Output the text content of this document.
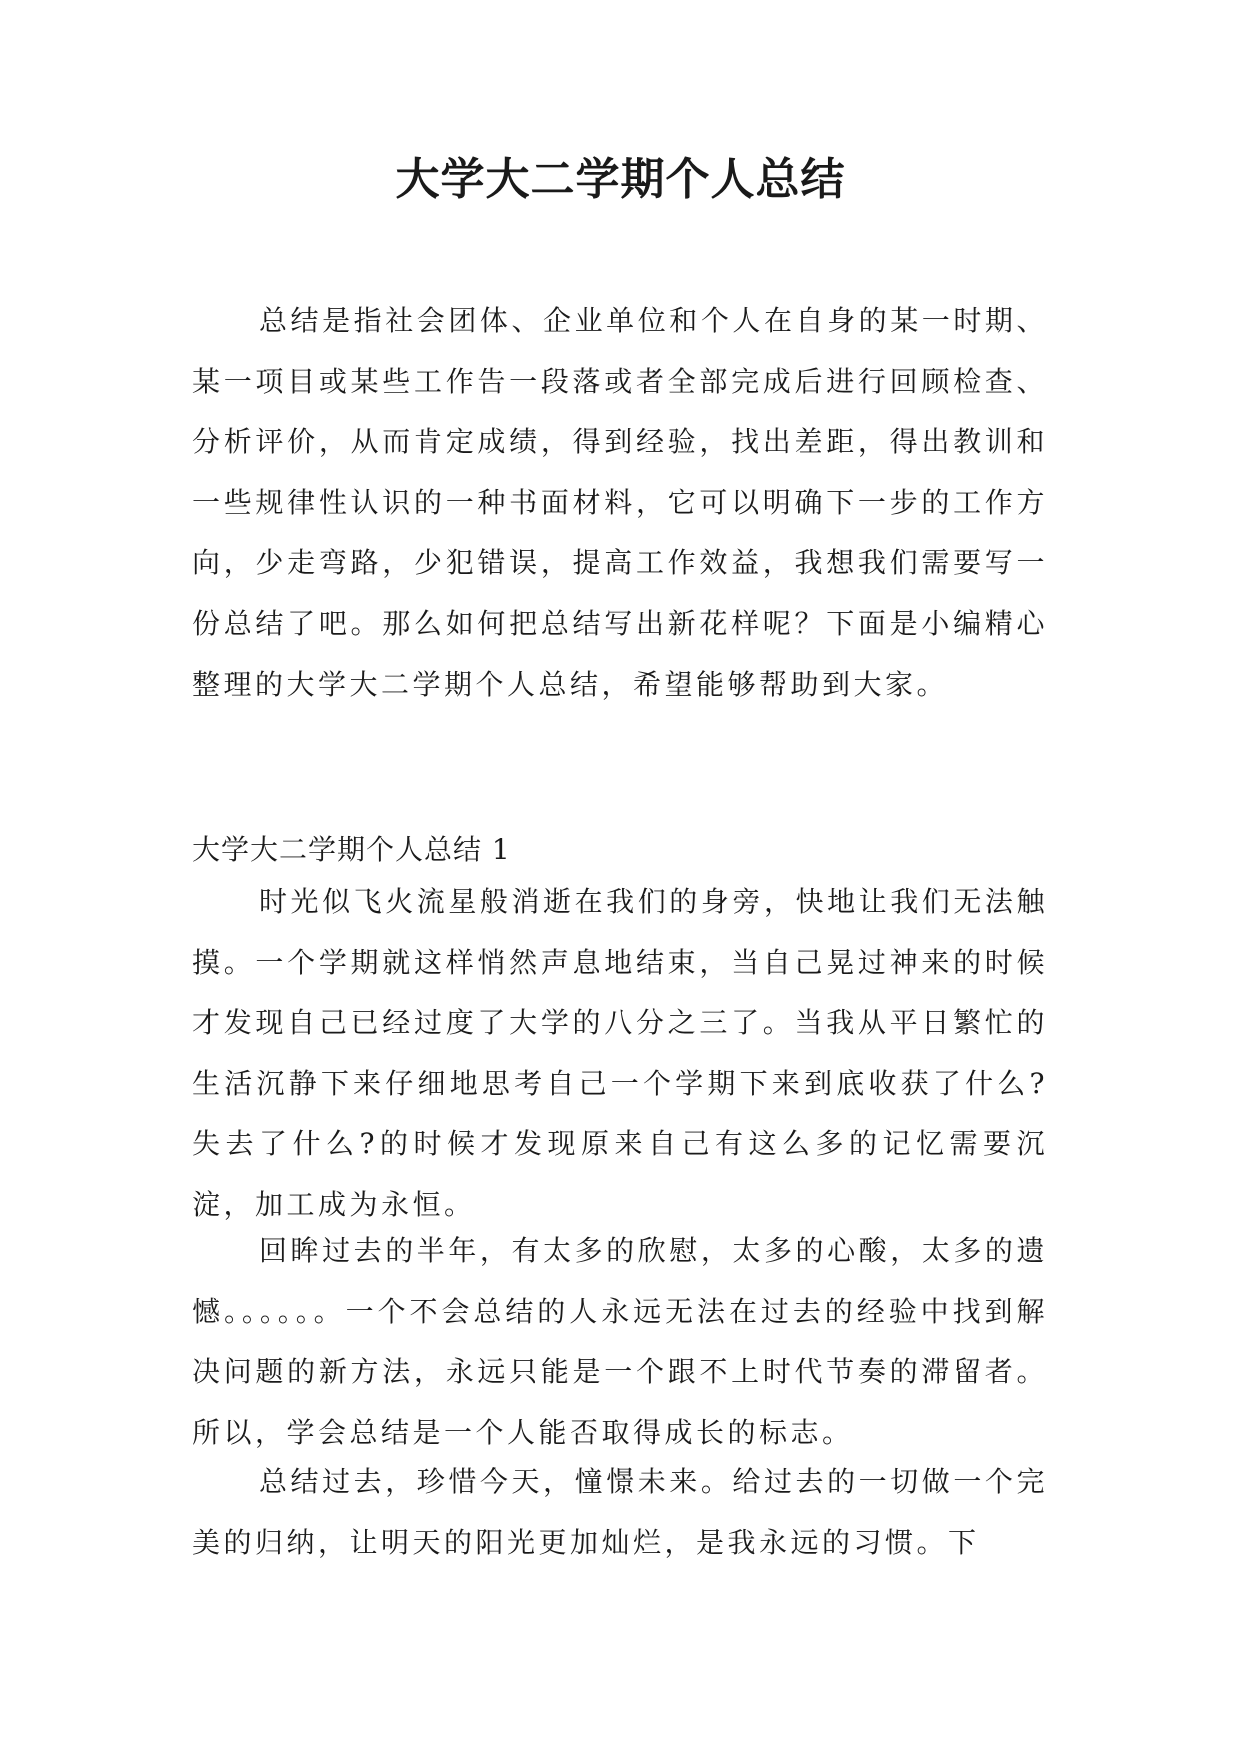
大学大二学期个人总结

总结是指社会团体、企业单位和个人在自身的某一时期、某一项目或某些工作告一段落或者全部完成后进行回顾检查、分析评价，从而肯定成绩，得到经验，找出差距，得出教训和一些规律性认识的一种书面材料，它可以明确下一步的工作方向，少走弯路，少犯错误，提高工作效益，我想我们需要写一份总结了吧。那么如何把总结写出新花样呢？下面是小编精心整理的大学大二学期个人总结，希望能够帮助到大家。

大学大二学期个人总结 1

时光似飞火流星般消逝在我们的身旁，快地让我们无法触摸。一个学期就这样悄然声息地结束，当自己晃过神来的时候才发现自己已经过度了大学的八分之三了。当我从平日繁忙的生活沉静下来仔细地思考自己一个学期下来到底收获了什么?失去了什么?的时候才发现原来自己有这么多的记忆需要沉淀，加工成为永恒。

回眸过去的半年，有太多的欣慰，太多的心酸，太多的遗憾。。。。。。一个不会总结的人永远无法在过去的经验中找到解决问题的新方法，永远只能是一个跟不上时代节奏的滞留者。所以，学会总结是一个人能否取得成长的标志。

总结过去，珍惜今天，憧憬未来。给过去的一切做一个完美的归纳，让明天的阳光更加灿烂，是我永远的习惯。下
